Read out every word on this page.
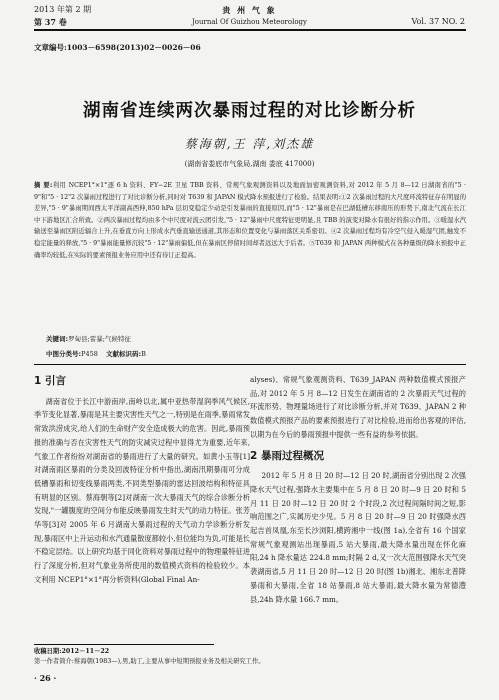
2013 年第 2 期
第 37 卷
贵 州 气 象
Journal Of Guizhou Meteorology	Vol. 37 NO. 2
文章编号:1003－6598(2013)02－0026－06
湖南省连续两次暴雨过程的对比诊断分析
蔡海朝,王 萍,刘杰雄
(湖南省娄底市气象局,湖南 娄底 417000)
摘 要:利用 NCEP1°×1°逐 6 h 资料、FY−2E 卫星 TBB 资料、常规气象观测资料以及地面加密观测资料,对 2012 年 5 月 8—12 日湖南省的"5 · 9"和"5 · 12"2 次暴雨过程进行了对比诊断分析,同时对 T639 和 JAPAN 模式降水预报进行了检验。结果表明:①2 次暴雨过程的大尺度环流特征存在明显的差异,"5 · 9"暴雨期间西太平洋副高西伸,850 hPa 层切变稳定少动是引发暴雨的直接原因,而"5 · 12"暴雨是在巴湖低槽东移南压的形势下,南北气流在长江中下游地区汇合所致。②两次暴雨过程均由多个中尺度对流云团引发,"5 · 12"暴雨中尺度特征更明显,且 TBB 的演变对降水有很好的指示作用。③暖湿水汽输送至暴雨区附近辐合上升,在垂直方向上形成水汽垂直输送通道,其形态和位置变化与暴雨落区关系密切。④2 次暴雨过程均有冷空气侵入暖湿气团,触发不稳定能量的释放,"5 · 9"暴雨能量修沉较"5 · 12"暴雨偏低,但在暴雨区停留时间却者远远大于后者。⑤T639 和 JAPAN 两种模式在各种量级的降水预报中正确率均较低,在实际的要素预报业务应用中还有待订正提高。
关键词:罗甸县;雷暴;气候特征
中图分类号:P458 文献标识码:B
1 引言

湖南省位于长江中游南岸,南岭以北,属中亚热带湿润季风气候区,季节变化显著,暴雨是其主要灾害性天气之一,特别是在雨季,暴雨常发常致洪涝成灾,给人们的生命财产安全造成极大的危害。因此,暴雨预报的准确与否在灾害性天气的防灾减灾过程中显得尤为重要,近年来,气象工作者纷纷对湖南省的暴雨进行了大量的研究。如黄小玉等[1]对湖南雨区暴雨的分类及回波特征分析中指出,湖南汛期暴雨可分成低槽暴雨和切变线暴雨两类,不同类型暴雨的雷达回波结构和特征具有明显的区别。蔡海朝等[2]对湖南一次大暴雨天气的综合诊断分析发现,"一罐腹度的空间分布能反映暴雨发生时天气的动力特征。张芳华等[3]对 2005 年 6 月湖南大暴雨过程的天气动力学诊断分析发现,暴雨区中上升运动和水汽通量散度都较小,但位能均为负,可能是长不稳定层结。以上研究均基于同化资料对暴雨过程中的物理量特征进行了深度分析,但对气象业务所使用的数值模式资料的检验较少。本文利用 NCEP1°×1°再分析资料(Global Final An-

alyses)、常规气象观测资料、T639_JAPAN 两种数值模式预报产品,对 2012 年 5 月 8—12 日发生在湖南省的 2 次暴雨天气过程的环流形势、物理量场进行了对比诊断分析,并对 T639、JAPAN 2 种数值模式预报产品的要素预报进行了对比检验,进而给出客观的评估,以期为在今后的暴雨预报中提供一些有益的参考依据。

2 暴雨过程概况

2012 年 5 月 8 日 20 时—12 日 20 时,湖南省分别出现 2 次强降水天气过程,强降水主要集中在 5 月 8 日 20 时—9 日 20 时和 5 月 11 日 20 时—12 日 20 时 2 个时段,2 次过程间隔时间之短,影响范围之广,实属历史少见。5 月 8 日 20 时—9 日 20 时强降水西起吉首凤凰,东至长沙浏阳,横跨湘中一线(图 1a),全省有 16 个国家常规气象观测站出现暴雨,5 站大暴雨,最大降水量出现在怀化麻阳,24 h 降水量达 224.8 mm;时隔 2 d,又一次大范围强降水天气突袭湖南省,5 月 11 日 20 时—12 日 20 时(图 1b)湘北、湘东北普降暴雨和大暴雨,全省 18 站暴雨,8 站大暴雨,最大降水量为常德澧县,24h 降水量 166.7 mm。

收稿日期:2012－11－22
第一作者简介:蔡海朝(1983—),男,助工,主要从事中短期预报业务及相关研究工作。
· 26 ·
